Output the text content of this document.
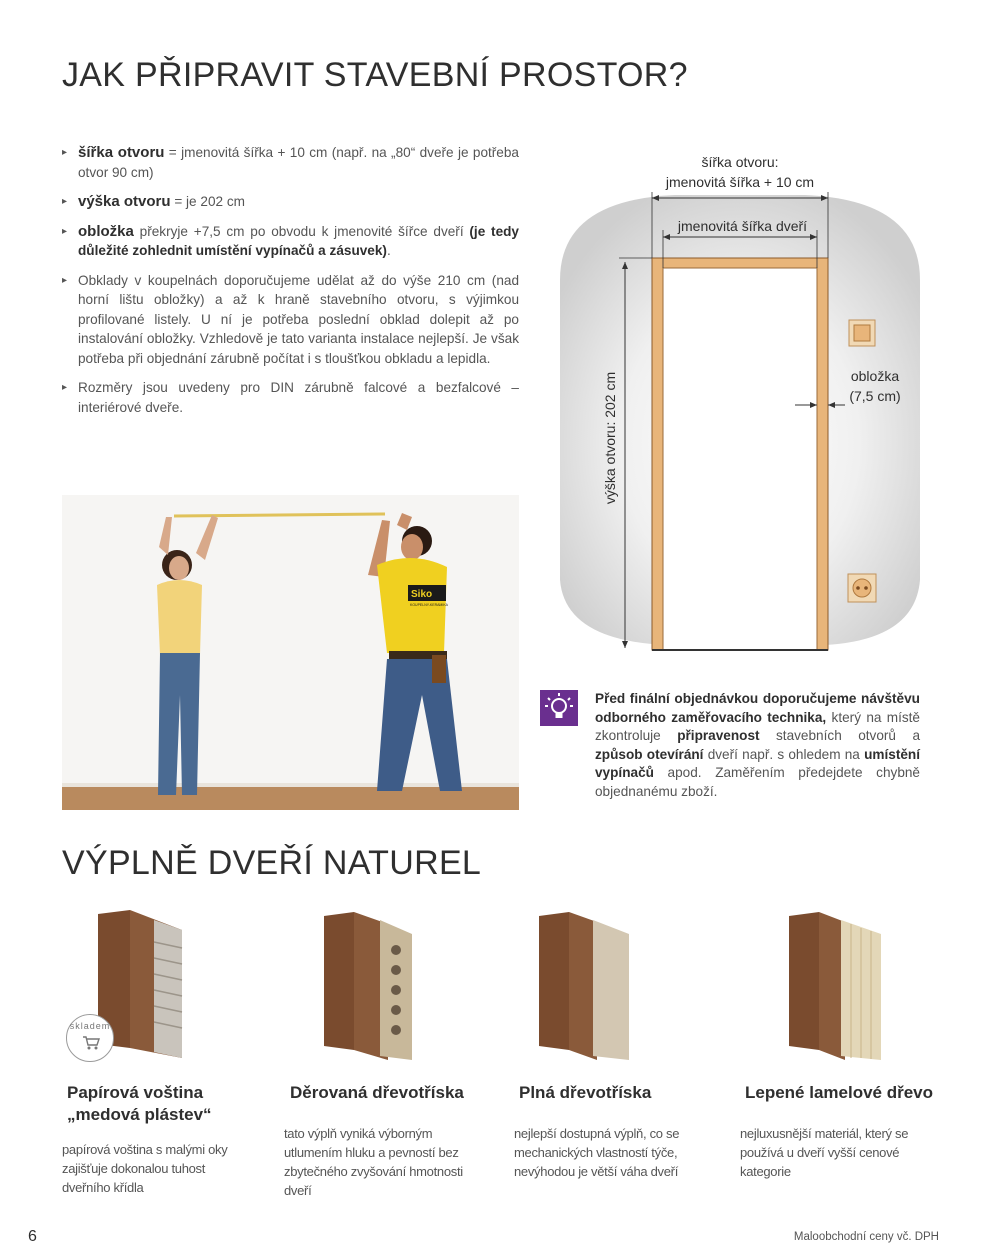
JAK PŘIPRAVIT STAVEBNÍ PROSTOR?
▸ šířka otvoru = jmenovitá šířka + 10 cm (např. na „80“ dveře je potřeba otvor 90 cm)
▸ výška otvoru = je 202 cm
▸ obložka překryje +7,5 cm po obvodu k jmenovité šířce dveří (je tedy důležité zohlednit umístění vypínačů a zásuvek).
▸ Obklady v koupelnách doporučujeme udělat až do výše 210 cm (nad horní lištu obložky) a až k hraně stavebního otvoru, s výjimkou profilované listely. U ní je potřeba poslední obklad dolepit až po instalování obložky. Vzhledově je tato varianta instalace nejlepší. Je však potřeba při objednání zárubně počítat i s tloušťkou obkladu a lepidla.
▸ Rozměry jsou uvedeny pro DIN zárubně falcové a bezfalcové – interiérové dveře.
šířka otvoru:
jmenovitá šířka + 10 cm
jmenovitá šířka dveří
výška otvoru: 202 cm	obložka
(7,5 cm)
Siko
KOUPELNY-KERAMIKA
Před finální objednávkou doporučujeme návštěvu odborného zaměřovacího technika, který na místě zkontroluje připravenost stavebních otvorů a způsob otevírání dveří např. s ohledem na umístění vypínačů apod. Zaměřením předejdete chybně objednanému zboží.
VÝPLNĚ DVEŘÍ NATUREL
skladem
Papírová voština
„medová plástev“
papírová voština s malými oky zajišťuje dokonalou tuhost dveřního křídla
Děrovaná dřevotříska
tato výplň vyniká výborným utlumením hluku a pevností bez zbytečného zvyšování hmotnosti dveří
Plná dřevotříska
nejlepší dostupná výplň, co se mechanických vlastností týče, nevýhodou je větší váha dveří
Lepené lamelové dřevo
nejluxusnější materiál, který se používá u dveří vyšší cenové kategorie
6	Maloobchodní ceny vč. DPH
